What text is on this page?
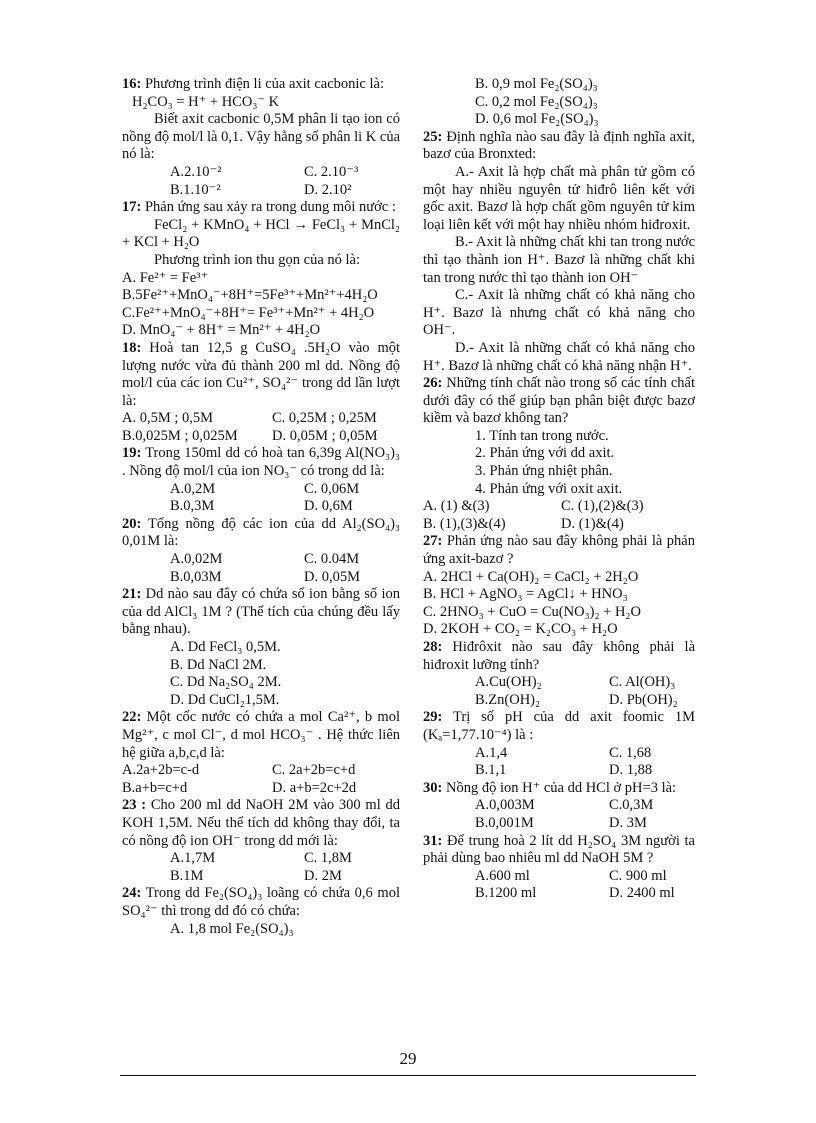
16: Phương trình điện li của axit cacbonic là:

H₂CO₃ = H⁺ + HCO₃⁻ K

Biết axit cacbonic 0,5M phân li tạo ion có nồng độ mol/l là 0,1. Vậy hằng số phân li K của nó là:

A.2.10⁻²	C. 2.10⁻³
B.1.10⁻²	D. 2.10²

17: Phản ứng sau xảy ra trong dung môi nước :

FeCl₂ + KMnO₄ + HCl → FeCl₃ + MnCl₂ + KCl + H₂O

Phương trình ion thu gọn của nó là:

A. Fe²⁺ = Fe³⁺

B.5Fe²⁺+MnO₄⁻+8H⁺=5Fe³⁺+Mn²⁺+4H₂O

C.Fe²⁺+MnO₄⁻+8H⁺= Fe³⁺+Mn²⁺ + 4H₂O

D. MnO₄⁻ + 8H⁺ = Mn²⁺ + 4H₂O

18: Hoà tan 12,5 g CuSO₄ .5H₂O vào một lượng nước vừa đủ thành 200 ml dd. Nồng độ mol/l của các ion Cu²⁺, SO₄²⁻ trong dd lần lượt là:

A. 0,5M ; 0,5M	C. 0,25M ; 0,25M
B.0,025M ; 0,025M	D. 0,05M ; 0,05M

19: Trong 150ml dd có hoà tan 6,39g Al(NO₃)₃ . Nồng độ mol/l của ion NO₃⁻ có trong dd là:

A.0,2M	C. 0,06M
B.0,3M	D. 0,6M

20: Tổng nồng độ các ion của dd Al₂(SO₄)₃ 0,01M là:

A.0,02M	C. 0.04M
B.0,03M	D. 0,05M

21: Dd nào sau đây có chứa số ion bằng số ion của dd AlCl₃ 1M ? (Thể tích của chúng đều lấy bằng nhau).

A. Dd FeCl₃ 0,5M.

B. Dd NaCl 2M.

C. Dd Na₂SO₄ 2M.

D. Dd CuCl₂1,5M.

22: Một cốc nước có chứa a mol Ca²⁺, b mol Mg²⁺, c mol Cl⁻, d mol HCO₃⁻ . Hệ thức liên hệ giữa a,b,c,d là:

A.2a+2b=c-d	C. 2a+2b=c+d
B.a+b=c+d	D. a+b=2c+2d

23 : Cho 200 ml dd NaOH 2M vào 300 ml dd KOH 1,5M. Nếu thể tích dd không thay đổi, ta có nồng độ ion OH⁻ trong dd mới là:

A.1,7M	C. 1,8M
B.1M	D. 2M

24: Trong dd Fe₂(SO₄)₃ loãng có chứa 0,6 mol SO₄²⁻ thì trong dd đó có chứa:

A. 1,8 mol Fe₂(SO₄)₃

B. 0,9 mol Fe₂(SO₄)₃

C. 0,2 mol Fe₂(SO₄)₃

D. 0,6 mol Fe₂(SO₄)₃

25: Định nghĩa nào sau đây là định nghĩa axit, bazơ của Bronxted:

A.- Axit là hợp chất mà phân tử gồm có một hay nhiều nguyên tử hiđrô liên kết với gốc axit. Bazơ là hợp chất gồm nguyên tử kim loại liên kết với một hay nhiều nhóm hiđroxit.

B.- Axit là những chất khi tan trong nước thì tạo thành ion H⁺. Bazơ là những chất khi tan trong nước thì tạo thành ion OH⁻

C.- Axit là những chất có khả năng cho H⁺. Bazơ là nhưng chất có khả năng cho OH⁻.

D.- Axit là những chất có khả năng cho H⁺. Bazơ là những chất có khả năng nhận H⁺.

26: Những tính chất nào trong số các tính chất dưới đây có thể giúp bạn phân biệt được bazơ kiềm và bazơ không tan?

1. Tính tan trong nước.

2. Phản ứng với dd axit.

3. Phản ứng nhiệt phân.

4. Phản ứng với oxit axit.

A. (1) &(3)	C. (1),(2)&(3)
B. (1),(3)&(4)	D. (1)&(4)

27: Phản ứng nào sau đây không phải là phản ứng axit-bazơ ?

A. 2HCl + Ca(OH)₂ = CaCl₂ + 2H₂O

B. HCl + AgNO₃ = AgCl↓ + HNO₃

C. 2HNO₃ + CuO = Cu(NO₃)₂ + H₂O

D. 2KOH + CO₂ = K₂CO₃ + H₂O

28: Hiđrôxit nào sau đây không phải là hiđroxit lưỡng tính?

A.Cu(OH)₂	C. Al(OH)₃
B.Zn(OH)₂	D. Pb(OH)₂

29: Trị số pH của dd axit foomic 1M (Kₐ=1,77.10⁻⁴) là :

A.1,4	C. 1,68
B.1,1	D. 1,88

30: Nồng độ ion H⁺ của dd HCl ở pH=3 là:

A.0,003M	C.0,3M
B.0,001M	D. 3M

31: Để trung hoà 2 lít dd H₂SO₄ 3M người ta phải dùng bao nhiêu ml dd NaOH 5M ?

A.600 ml	C. 900 ml
B.1200 ml	D. 2400 ml
29
